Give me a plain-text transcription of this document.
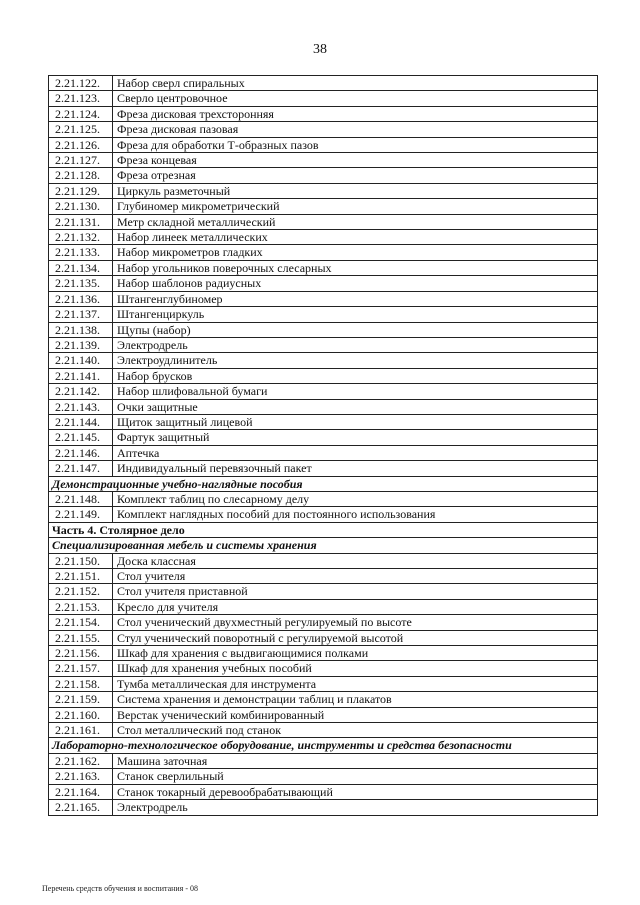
38
2.21.122.	Набор сверл спиральных
2.21.123.	Сверло центровочное
2.21.124.	Фреза дисковая трехсторонняя
2.21.125.	Фреза дисковая пазовая
2.21.126.	Фреза для обработки Т-образных пазов
2.21.127.	Фреза концевая
2.21.128.	Фреза отрезная
2.21.129.	Циркуль разметочный
2.21.130.	Глубиномер микрометрический
2.21.131.	Метр складной металлический
2.21.132.	Набор линеек металлических
2.21.133.	Набор микрометров гладких
2.21.134.	Набор угольников поверочных слесарных
2.21.135.	Набор шаблонов радиусных
2.21.136.	Штангенглубиномер
2.21.137.	Штангенциркуль
2.21.138.	Щупы (набор)
2.21.139.	Электродрель
2.21.140.	Электроудлинитель
2.21.141.	Набор брусков
2.21.142.	Набор шлифовальной бумаги
2.21.143.	Очки защитные
2.21.144.	Щиток защитный лицевой
2.21.145.	Фартук защитный
2.21.146.	Аптечка
2.21.147.	Индивидуальный перевязочный пакет
Демонстрационные учебно-наглядные пособия	
2.21.148.	Комплект таблиц по слесарному делу
2.21.149.	Комплект наглядных пособий для постоянного использования
Часть 4. Столярное дело	
Специализированная мебель и системы хранения	
2.21.150.	Доска классная
2.21.151.	Стол учителя
2.21.152.	Стол учителя приставной
2.21.153.	Кресло для учителя
2.21.154.	Стол ученический двухместный регулируемый по высоте
2.21.155.	Стул ученический поворотный с регулируемой высотой
2.21.156.	Шкаф для хранения с выдвигающимися полками
2.21.157.	Шкаф для хранения учебных пособий
2.21.158.	Тумба металлическая для инструмента
2.21.159.	Система хранения и демонстрации таблиц и плакатов
2.21.160.	Верстак ученический комбинированный
2.21.161.	Стол металлический под станок
Лабораторно-технологическое оборудование, инструменты и средства безопасности	
2.21.162.	Машина заточная
2.21.163.	Станок сверлильный
2.21.164.	Станок токарный деревообрабатывающий
2.21.165.	Электродрель
Перечень средств обучения и воспитания - 08
